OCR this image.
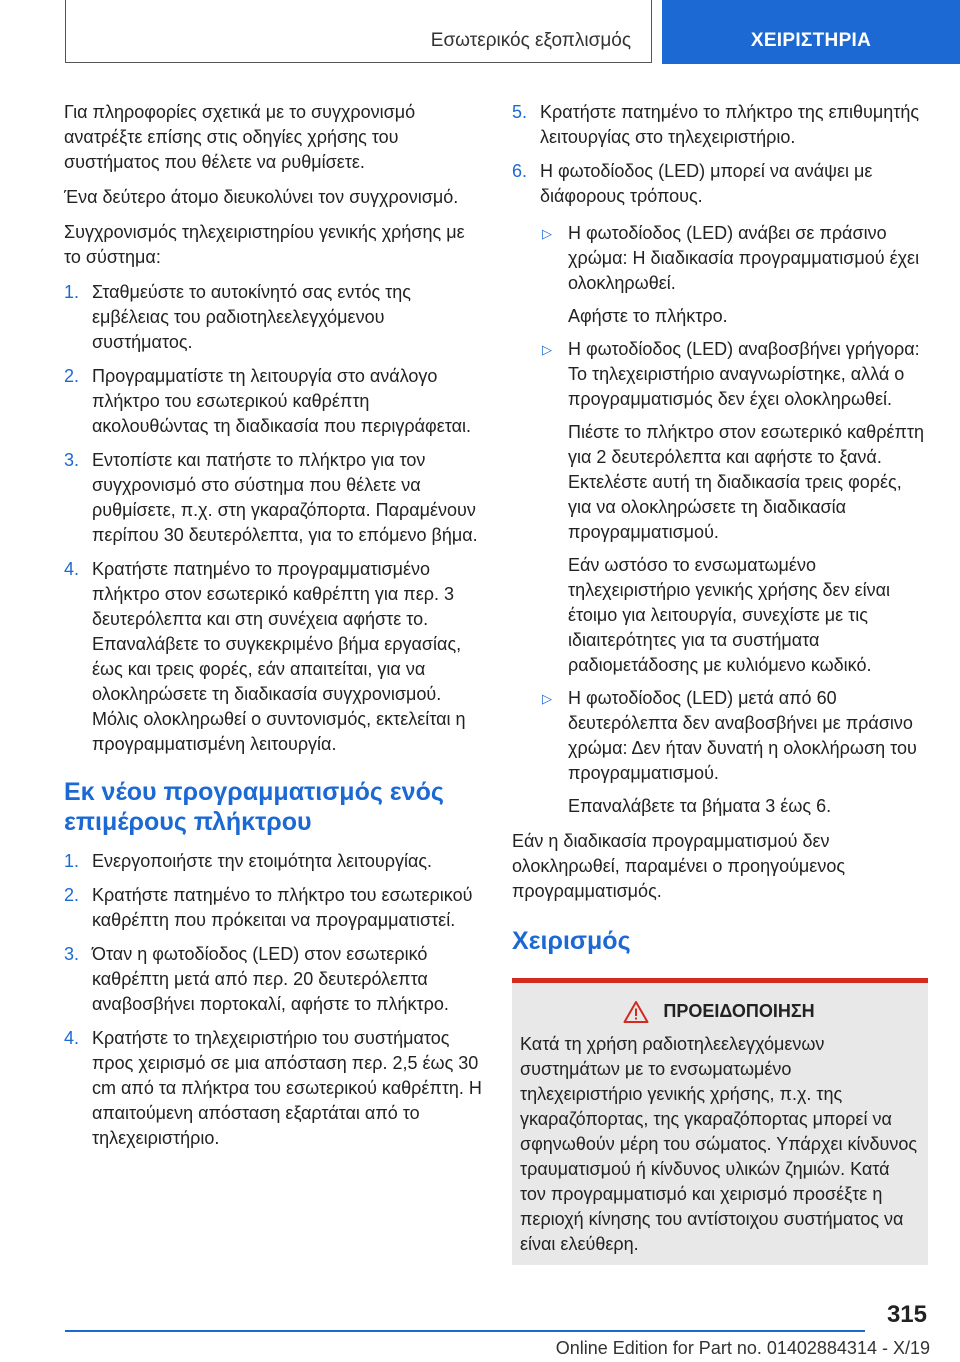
Εσωτερικός εξοπλισμός	ΧΕΙΡΙΣΤΗΡΙΑ

Για πληροφορίες σχετικά με το συγχρονισμό ανατρέξτε επίσης στις οδηγίες χρήσης του συστήματος που θέλετε να ρυθμίσετε.

Ένα δεύτερο άτομο διευκολύνει τον συγχρονισμό.

Συγχρονισμός τηλεχειριστηρίου γενικής χρήσης με το σύστημα:

1. Σταθμεύστε το αυτοκίνητό σας εντός της εμβέλειας του ραδιοτηλεελεγχόμενου συστήματος.
2. Προγραμματίστε τη λειτουργία στο ανάλογο πλήκτρο του εσωτερικού καθρέπτη ακολουθώντας τη διαδικασία που περιγράφεται.
3. Εντοπίστε και πατήστε το πλήκτρο για τον συγχρονισμό στο σύστημα που θέλετε να ρυθμίσετε, π.χ. στη γκαραζόπορτα. Παραμένουν περίπου 30 δευτερόλεπτα, για το επόμενο βήμα.
4. Κρατήστε πατημένο το προγραμματισμένο πλήκτρο στον εσωτερικό καθρέπτη για περ. 3 δευτερόλεπτα και στη συνέχεια αφήστε το. Επαναλάβετε το συγκεκριμένο βήμα εργασίας, έως και τρεις φορές, εάν απαιτείται, για να ολοκληρώσετε τη διαδικασία συγχρονισμού. Μόλις ολοκληρωθεί ο συντονισμός, εκτελείται η προγραμματισμένη λειτουργία.
Εκ νέου προγραμματισμός ενός επιμέρους πλήκτρου
1. Ενεργοποιήστε την ετοιμότητα λειτουργίας.
2. Κρατήστε πατημένο το πλήκτρο του εσωτερικού καθρέπτη που πρόκειται να προγραμματιστεί.
3. Όταν η φωτοδίοδος (LED) στον εσωτερικό καθρέπτη μετά από περ. 20 δευτερόλεπτα αναβοσβήνει πορτοκαλί, αφήστε το πλήκτρο.
4. Κρατήστε το τηλεχειριστήριο του συστήματος προς χειρισμό σε μια απόσταση περ. 2,5 έως 30 cm από τα πλήκτρα του εσωτερικού καθρέπτη. Η απαιτούμενη απόσταση εξαρτάται από το τηλεχειριστήριο.
5. Κρατήστε πατημένο το πλήκτρο της επιθυμητής λειτουργίας στο τηλεχειριστήριο.
6. Η φωτοδίοδος (LED) μπορεί να ανάψει με διάφορους τρόπους.
▷ Η φωτοδίοδος (LED) ανάβει σε πράσινο χρώμα: Η διαδικασία προγραμματισμού έχει ολοκληρωθεί.

Αφήστε το πλήκτρο.

▷ Η φωτοδίοδος (LED) αναβοσβήνει γρήγορα: Το τηλεχειριστήριο αναγνωρίστηκε, αλλά ο προγραμματισμός δεν έχει ολοκληρωθεί.

Πιέστε το πλήκτρο στον εσωτερικό καθρέπτη για 2 δευτερόλεπτα και αφήστε το ξανά. Εκτελέστε αυτή τη διαδικασία τρεις φορές, για να ολοκληρώσετε τη διαδικασία προγραμματισμού.

Εάν ωστόσο το ενσωματωμένο τηλεχειριστήριο γενικής χρήσης δεν είναι έτοιμο για λειτουργία, συνεχίστε με τις ιδιαιτερότητες για τα συστήματα ραδιομετάδοσης με κυλιόμενο κωδικό.

▷ Η φωτοδίοδος (LED) μετά από 60 δευτερόλεπτα δεν αναβοσβήνει με πράσινο χρώμα: Δεν ήταν δυνατή η ολοκλήρωση του προγραμματισμού.

Επαναλάβετε τα βήματα 3 έως 6.

Εάν η διαδικασία προγραμματισμού δεν ολοκληρωθεί, παραμένει ο προηγούμενος προγραμματισμός.

Χειρισμός
ΠΡΟΕΙΔΟΠΟΙΗΣΗ

Κατά τη χρήση ραδιοτηλεελεγχόμενων συστημάτων με το ενσωματωμένο τηλεχειριστήριο γενικής χρήσης, π.χ. της γκαραζόπορτας, της γκαραζόπορτας μπορεί να σφηνωθούν μέρη του σώματος. Υπάρχει κίνδυνος τραυματισμού ή κίνδυνος υλικών ζημιών. Κατά τον προγραμματισμό και χειρισμό προσέξτε η περιοχή κίνησης του αντίστοιχου συστήματος να είναι ελεύθερη.

315
Online Edition for Part no. 01402884314 - X/19
